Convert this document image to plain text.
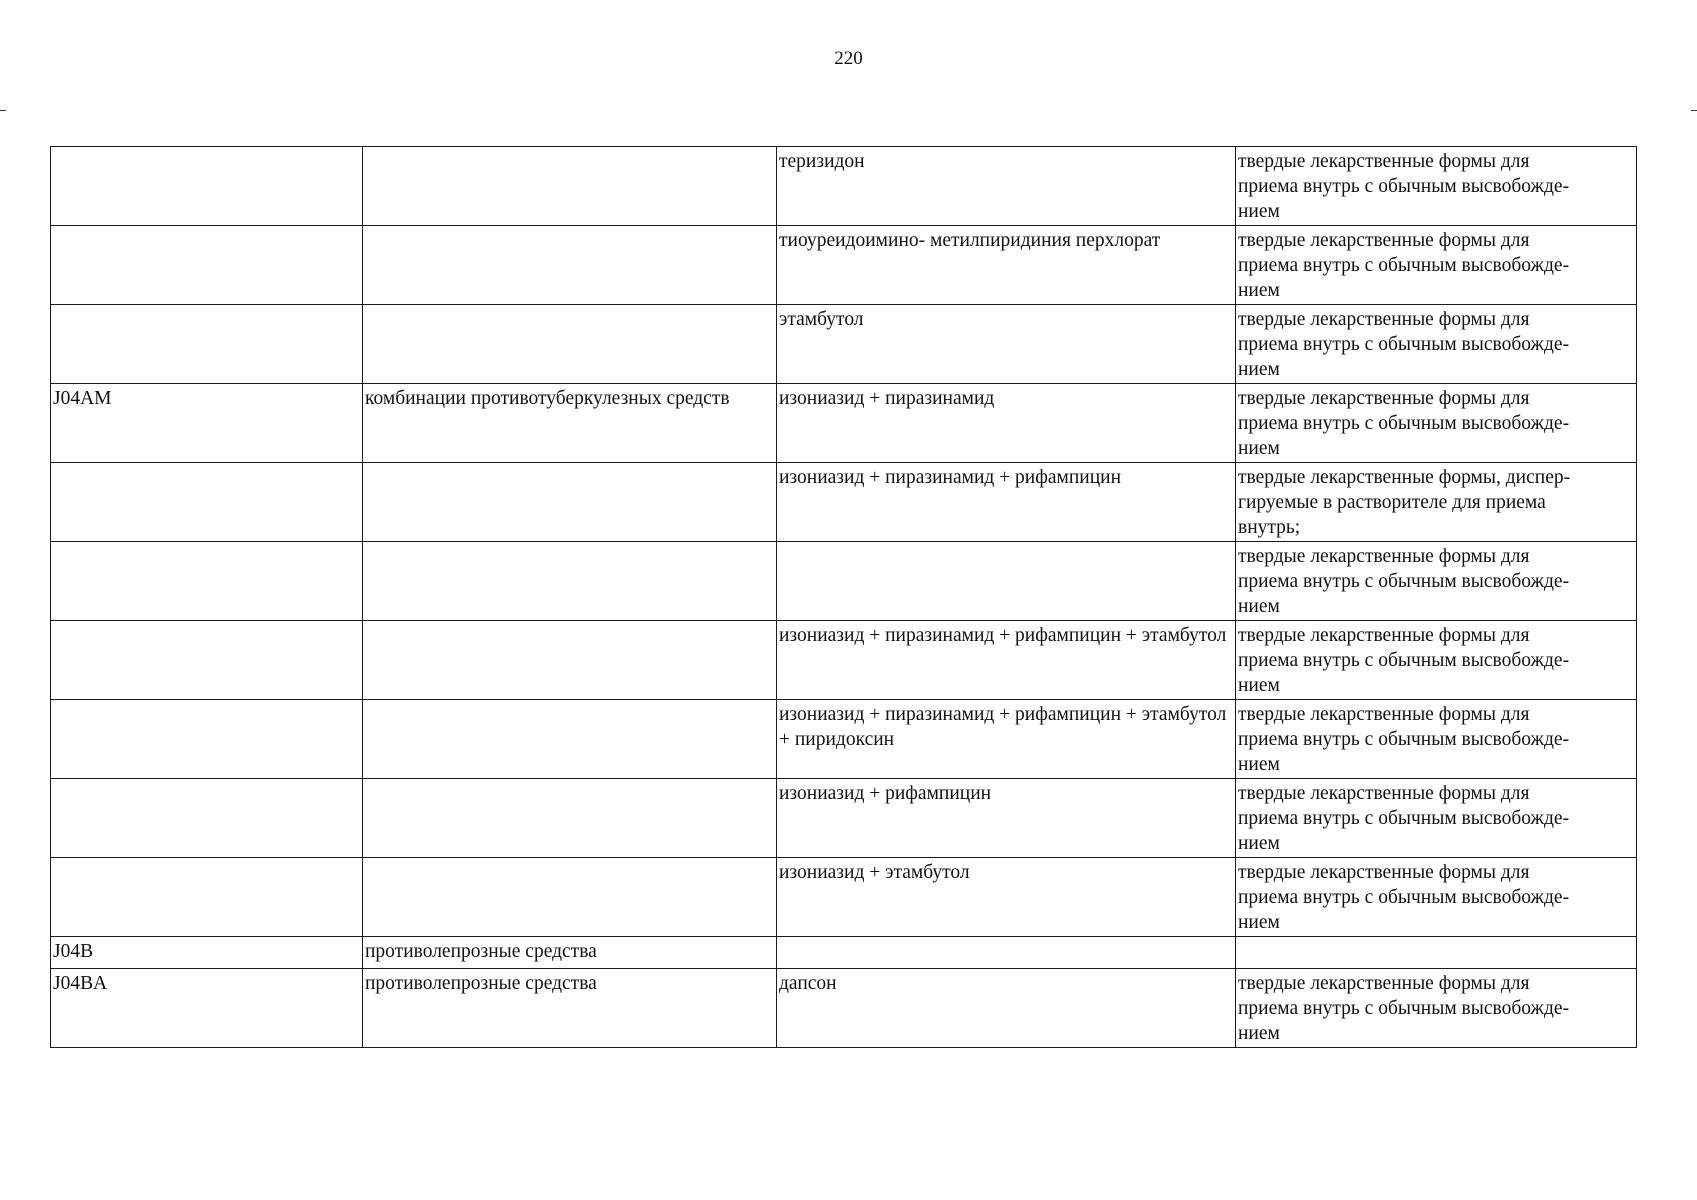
220
		теризидон	твердые лекарственные формы для
приема внутрь с обычным высвобожде-
нием

		тиоуреидоимино- метилпиридиния перхлорат	твердые лекарственные формы для
приема внутрь с обычным высвобожде-
нием

		этамбутол	твердые лекарственные формы для
приема внутрь с обычным высвобожде-
нием

J04AM	комбинации противотуберкулезных средств	изониазид + пиразинамид	твердые лекарственные формы для
приема внутрь с обычным высвобожде-
нием

		изониазид + пиразинамид + рифампицин	твердые лекарственные формы, диспер-
гируемые в растворителе для приема
внутрь;

			твердые лекарственные формы для
приема внутрь с обычным высвобожде-
нием

		изониазид + пиразинамид + рифампицин + этамбутол	твердые лекарственные формы для
приема внутрь с обычным высвобожде-
нием

		изониазид + пиразинамид + рифампицин + этамбутол + пиридоксин	твердые лекарственные формы для
приема внутрь с обычным высвобожде-
нием

		изониазид + рифампицин	твердые лекарственные формы для
приема внутрь с обычным высвобожде-
нием

		изониазид + этамбутол	твердые лекарственные формы для
приема внутрь с обычным высвобожде-
нием

J04B	противолепрозные средства		
J04BA	противолепрозные средства	дапсон	твердые лекарственные формы для
приема внутрь с обычным высвобожде-
нием
